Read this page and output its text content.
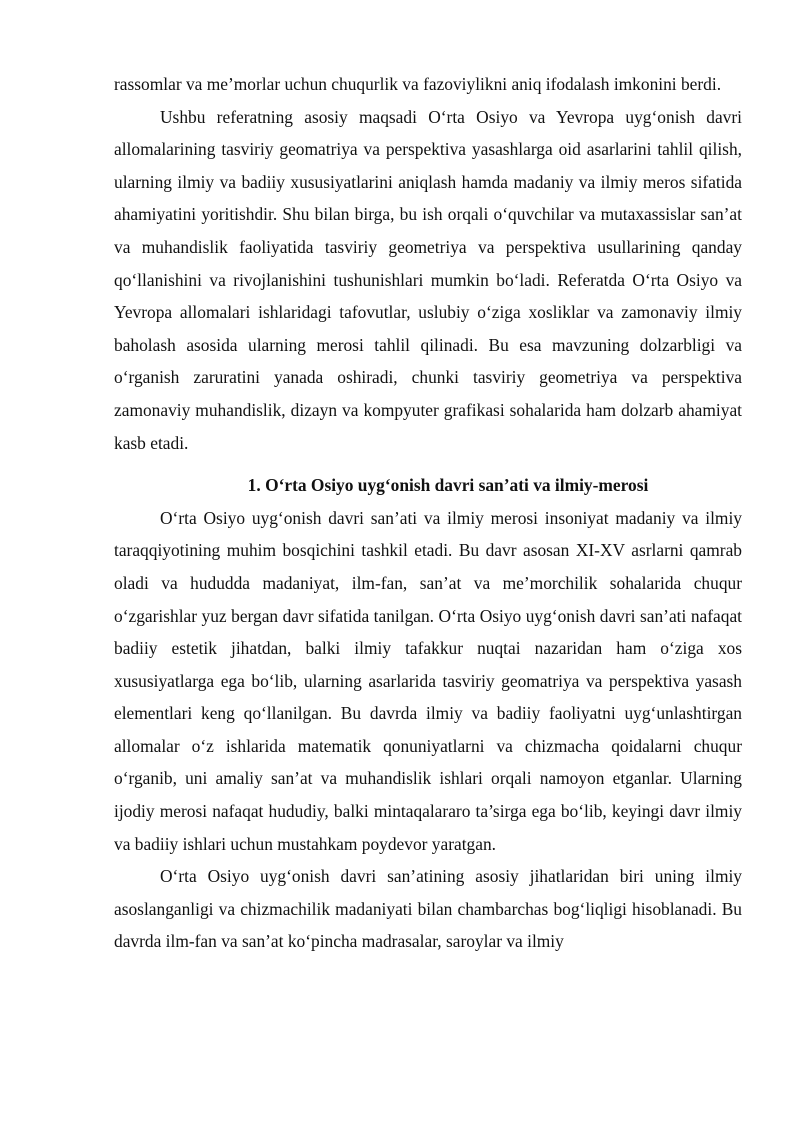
rassomlar va me’morlar uchun chuqurlik va fazoviylikni aniq ifodalash imkonini berdi.

Ushbu referatning asosiy maqsadi O‘rta Osiyo va Yevropa uyg‘onish davri allomalarining tasviriy geomatriya va perspektiva yasashlarga oid asarlarini tahlil qilish, ularning ilmiy va badiiy xususiyatlarini aniqlash hamda madaniy va ilmiy meros sifatida ahamiyatini yoritishdir. Shu bilan birga, bu ish orqali o‘quvchilar va mutaxassislar san’at va muhandislik faoliyatida tasviriy geometriya va perspektiva usullarining qanday qo‘llanishini va rivojlanishini tushunishlari mumkin bo‘ladi. Referatda O‘rta Osiyo va Yevropa allomalari ishlaridagi tafovutlar, uslubiy o‘ziga xosliklar va zamonaviy ilmiy baholash asosida ularning merosi tahlil qilinadi. Bu esa mavzuning dolzarbligi va o‘rganish zaruratini yanada oshiradi, chunki tasviriy geometriya va perspektiva zamonaviy muhandislik, dizayn va kompyuter grafikasi sohalarida ham dolzarb ahamiyat kasb etadi.

1. O‘rta Osiyo uyg‘onish davri san’ati va ilmiy-merosi

O‘rta Osiyo uyg‘onish davri san’ati va ilmiy merosi insoniyat madaniy va ilmiy taraqqiyotining muhim bosqichini tashkil etadi. Bu davr asosan XI-XV asrlarni qamrab oladi va hududda madaniyat, ilm-fan, san’at va me’morchilik sohalarida chuqur o‘zgarishlar yuz bergan davr sifatida tanilgan. O‘rta Osiyo uyg‘onish davri san’ati nafaqat badiiy estetik jihatdan, balki ilmiy tafakkur nuqtai nazaridan ham o‘ziga xos xususiyatlarga ega bo‘lib, ularning asarlarida tasviriy geomatriya va perspektiva yasash elementlari keng qo‘llanilgan. Bu davrda ilmiy va badiiy faoliyatni uyg‘unlashtirgan allomalar o‘z ishlarida matematik qonuniyatlarni va chizmacha qoidalarni chuqur o‘rganib, uni amaliy san’at va muhandislik ishlari orqali namoyon etganlar. Ularning ijodiy merosi nafaqat hududiy, balki mintaqalararo ta’sirga ega bo‘lib, keyingi davr ilmiy va badiiy ishlari uchun mustahkam poydevor yaratgan.

O‘rta Osiyo uyg‘onish davri san’atining asosiy jihatlaridan biri uning ilmiy asoslanganligi va chizmachilik madaniyati bilan chambarchas bog‘liqligi hisoblanadi. Bu davrda ilm-fan va san’at ko‘pincha madrasalar, saroylar va ilmiy
